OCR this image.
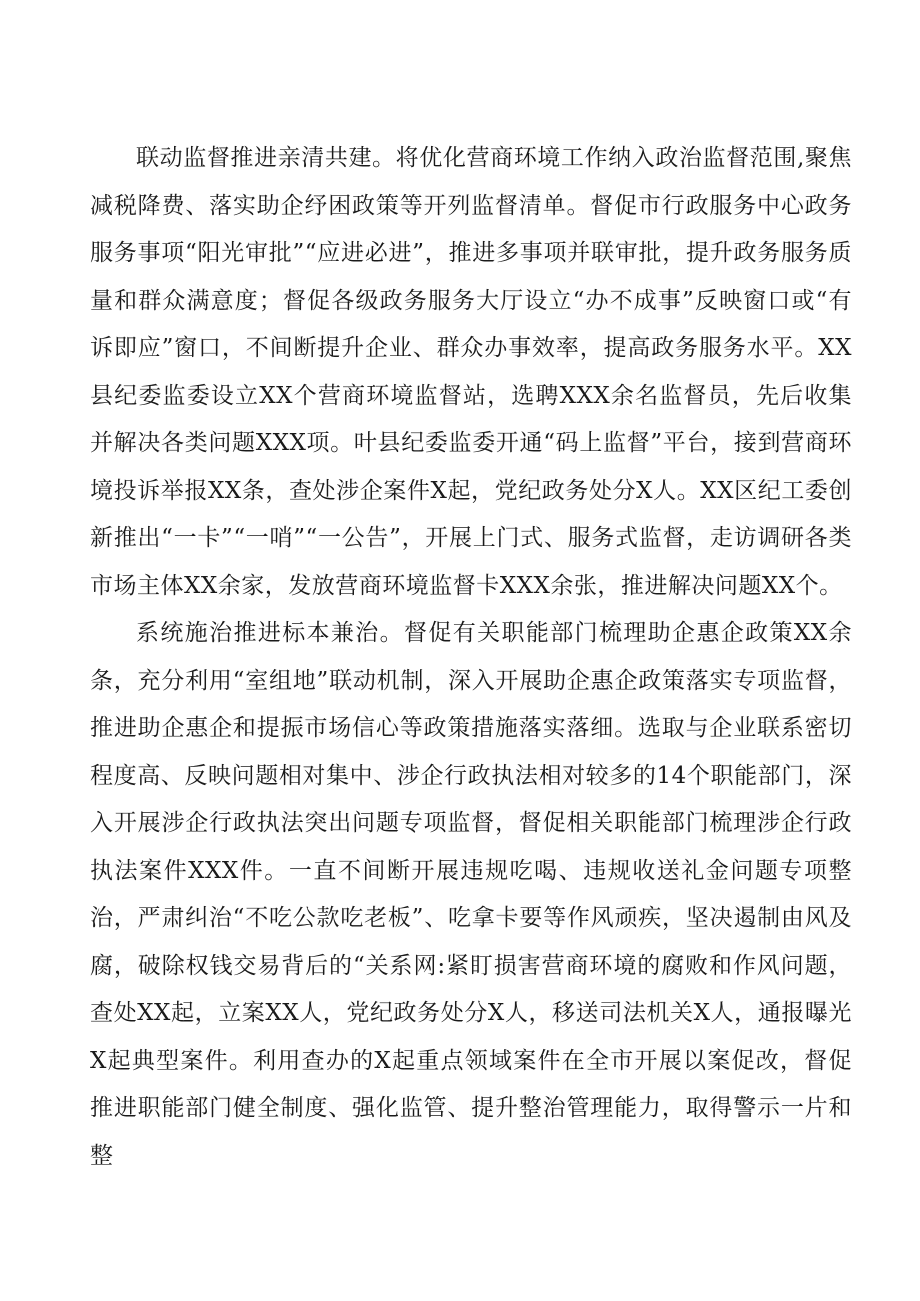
联动监督推进亲清共建。将优化营商环境工作纳入政治监督范围,聚焦减税降费、落实助企纾困政策等开列监督清单。督促市行政服务中心政务服务事项“阳光审批”“应进必进”，推进多事项并联审批，提升政务服务质量和群众满意度；督促各级政务服务大厅设立“办不成事”反映窗口或“有诉即应”窗口，不间断提升企业、群众办事效率，提高政务服务水平。XX县纪委监委设立XX个营商环境监督站，选聘XXX余名监督员，先后收集并解决各类问题XXX项。叶县纪委监委开通“码上监督”平台，接到营商环境投诉举报XX条，查处涉企案件X起，党纪政务处分X人。XX区纪工委创新推出“一卡”“一哨”“一公告”，开展上门式、服务式监督，走访调研各类市场主体XX余家，发放营商环境监督卡XXX余张，推进解决问题XX个。

系统施治推进标本兼治。督促有关职能部门梳理助企惠企政策XX余条，充分利用“室组地”联动机制，深入开展助企惠企政策落实专项监督，推进助企惠企和提振市场信心等政策措施落实落细。选取与企业联系密切程度高、反映问题相对集中、涉企行政执法相对较多的14个职能部门，深入开展涉企行政执法突出问题专项监督，督促相关职能部门梳理涉企行政执法案件XXX件。一直不间断开展违规吃喝、违规收送礼金问题专项整治，严肃纠治“不吃公款吃老板”、吃拿卡要等作风顽疾，坚决遏制由风及腐，破除权钱交易背后的“关系网:紧盯损害营商环境的腐败和作风问题，查处XX起，立案XX人，党纪政务处分X人，移送司法机关X人，通报曝光X起典型案件。利用查办的X起重点领域案件在全市开展以案促改，督促推进职能部门健全制度、强化监管、提升整治管理能力，取得警示一片和整
